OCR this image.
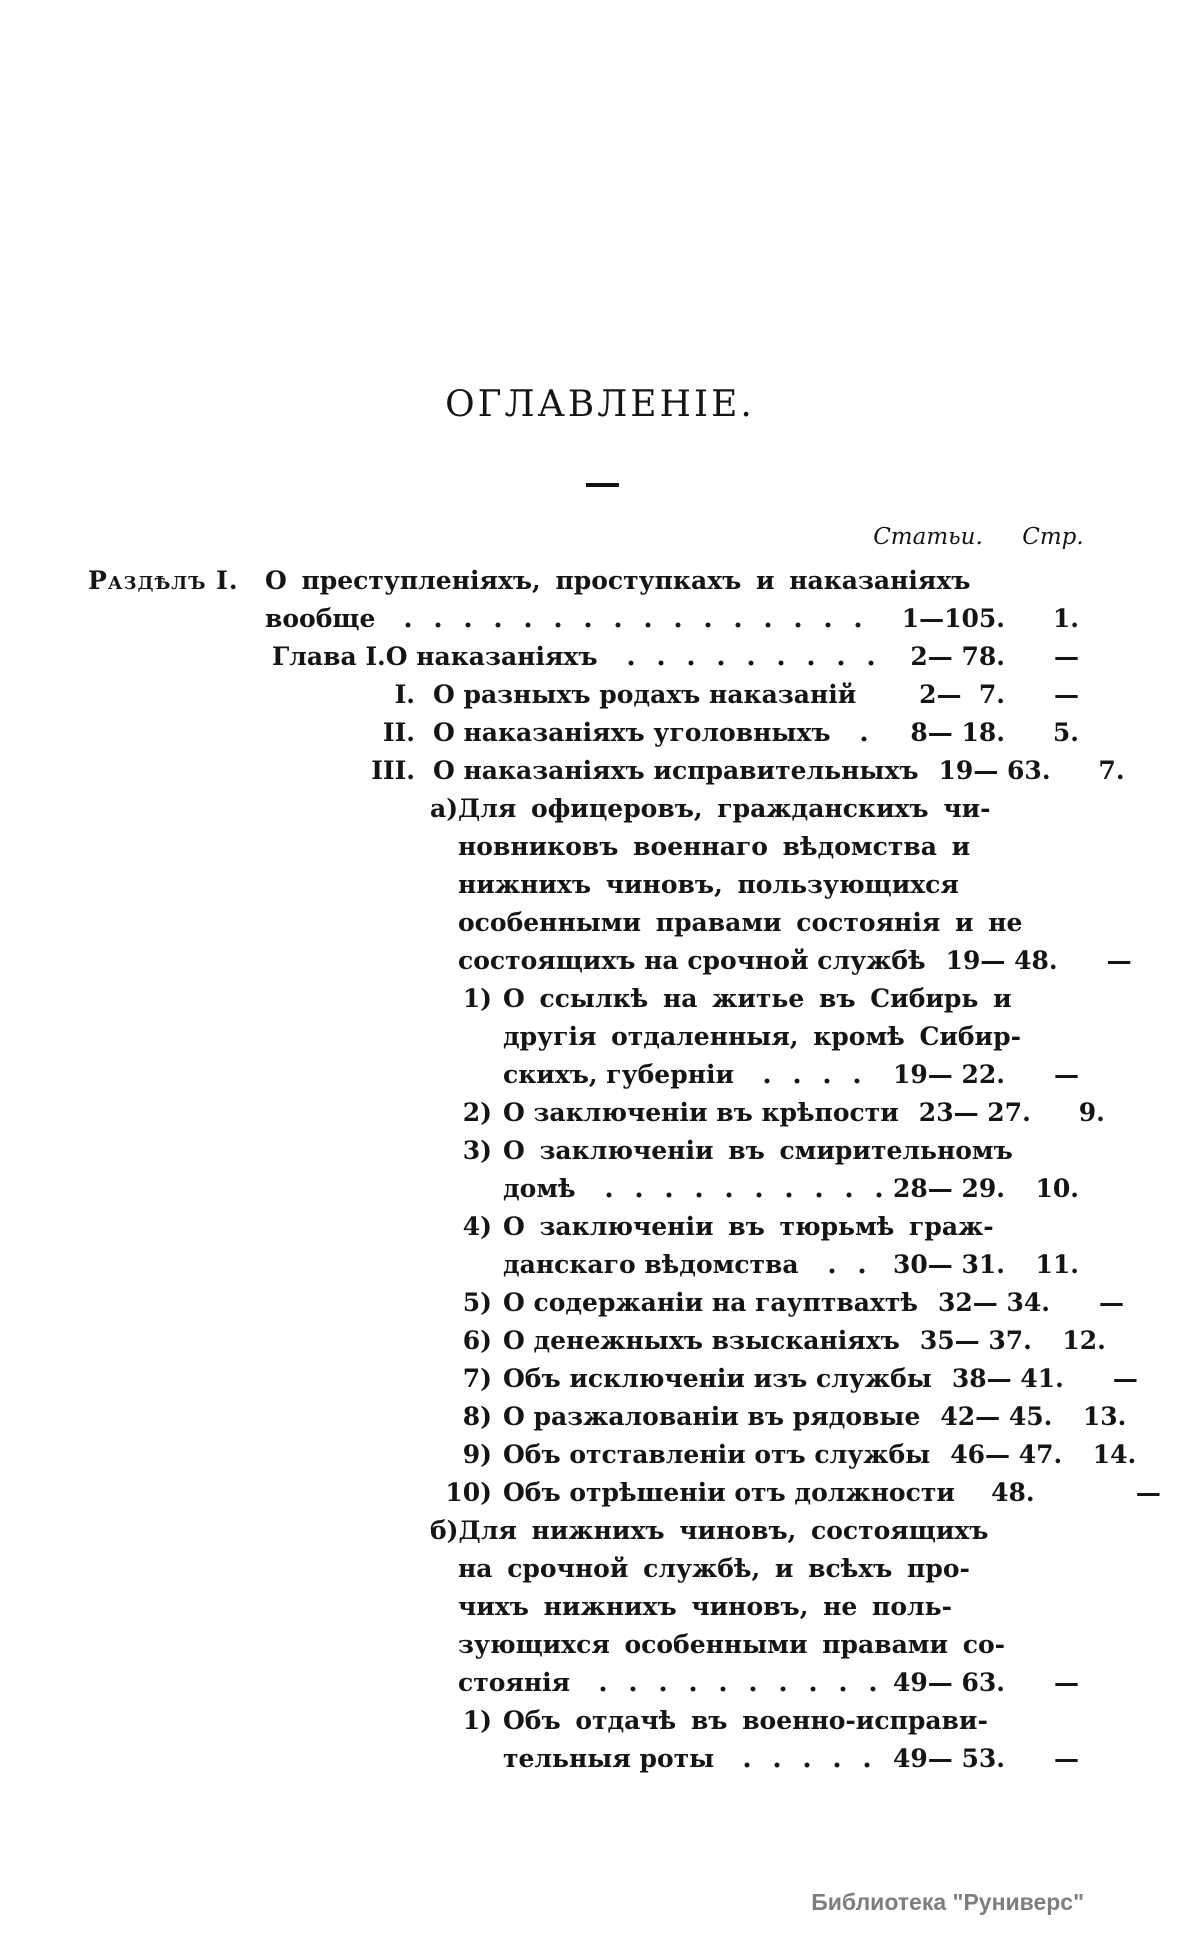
ОГЛАВЛЕНІЕ.
Статьи.	Стр.
Раздѣлъ I.	О преступленіяхъ, проступкахъ и наказаніяхъ
вообще	1—105.	1.
Глава I. О наказаніяхъ	2— 78.	—
I. О разныхъ родахъ наказаній	2—  7.	—
II. О наказаніяхъ уголовныхъ	8— 18.	5.
III. О наказаніяхъ исправительныхъ 19— 63.	7.
а) Для офицеровъ, гражданскихъ чи-
новниковъ военнаго вѣдомства и
нижнихъ чиновъ, пользующихся
особенными правами состоянія и не
состоящихъ на срочной службѣ 19— 48.	—
1) О ссылкѣ на житье въ Сибирь и
другія отдаленныя, кромѣ Сибир-
скихъ, губерніи	19— 22.	—
2) О заключеніи въ крѣпости 23— 27.	9.
3) О заключеніи въ смирительномъ
домѣ	28— 29.	10.
4) О заключеніи въ тюрьмѣ граж-
данскаго вѣдомства	30— 31.	11.
5) О содержаніи на гауптвахтѣ 32— 34.	—
6) О денежныхъ взысканіяхъ 35— 37.	12.
7) Объ исключеніи изъ службы 38— 41.	—
8) О разжалованіи въ рядовые 42— 45.	13.
9) Объ отставленіи отъ службы 46— 47.	14.
10) Объ отрѣшеніи отъ должности	48.	—
б) Для нижнихъ чиновъ, состоящихъ
на срочной службѣ, и всѣхъ про-
чихъ нижнихъ чиновъ, не поль-
зующихся особенными правами со-
стоянія	49— 63.	—
1) Объ отдачѣ въ военно-исправи-
тельныя роты	49— 53.	—
Библиотека "Руниверс"
